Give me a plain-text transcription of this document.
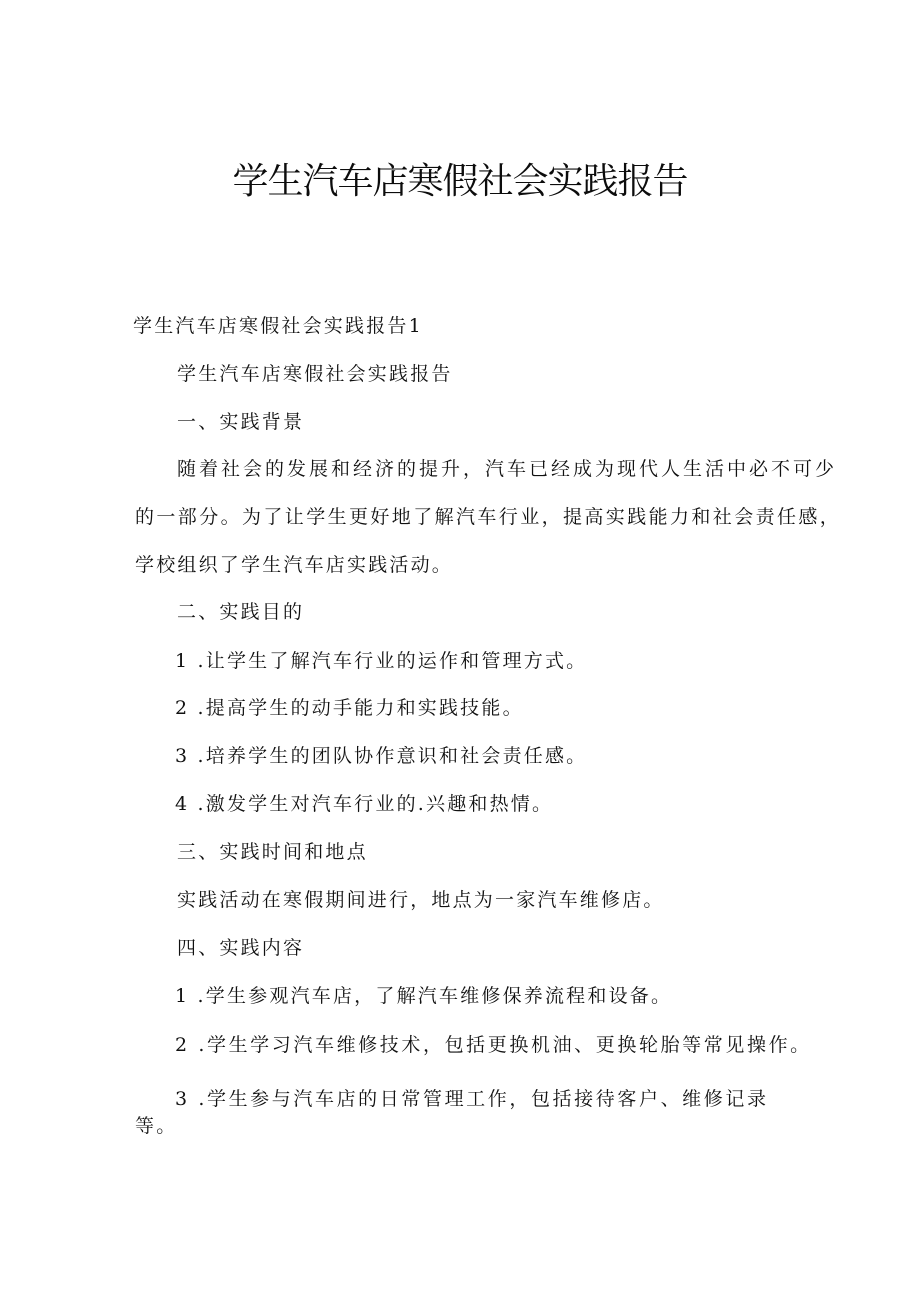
学生汽车店寒假社会实践报告
学生汽车店寒假社会实践报告1
学生汽车店寒假社会实践报告
一、实践背景
随着社会的发展和经济的提升，汽车已经成为现代人生活中必不可少
的一部分。为了让学生更好地了解汽车行业，提高实践能力和社会责任感，
学校组织了学生汽车店实践活动。
二、实践目的
1 .让学生了解汽车行业的运作和管理方式。
2 .提高学生的动手能力和实践技能。
3 .培养学生的团队协作意识和社会责任感。
4 .激发学生对汽车行业的.兴趣和热情。
三、实践时间和地点
实践活动在寒假期间进行，地点为一家汽车维修店。
四、实践内容
1 .学生参观汽车店，了解汽车维修保养流程和设备。
2 .学生学习汽车维修技术，包括更换机油、更换轮胎等常见操作。
3 .学生参与汽车店的日常管理工作，包括接待客户、维修记录
等。
